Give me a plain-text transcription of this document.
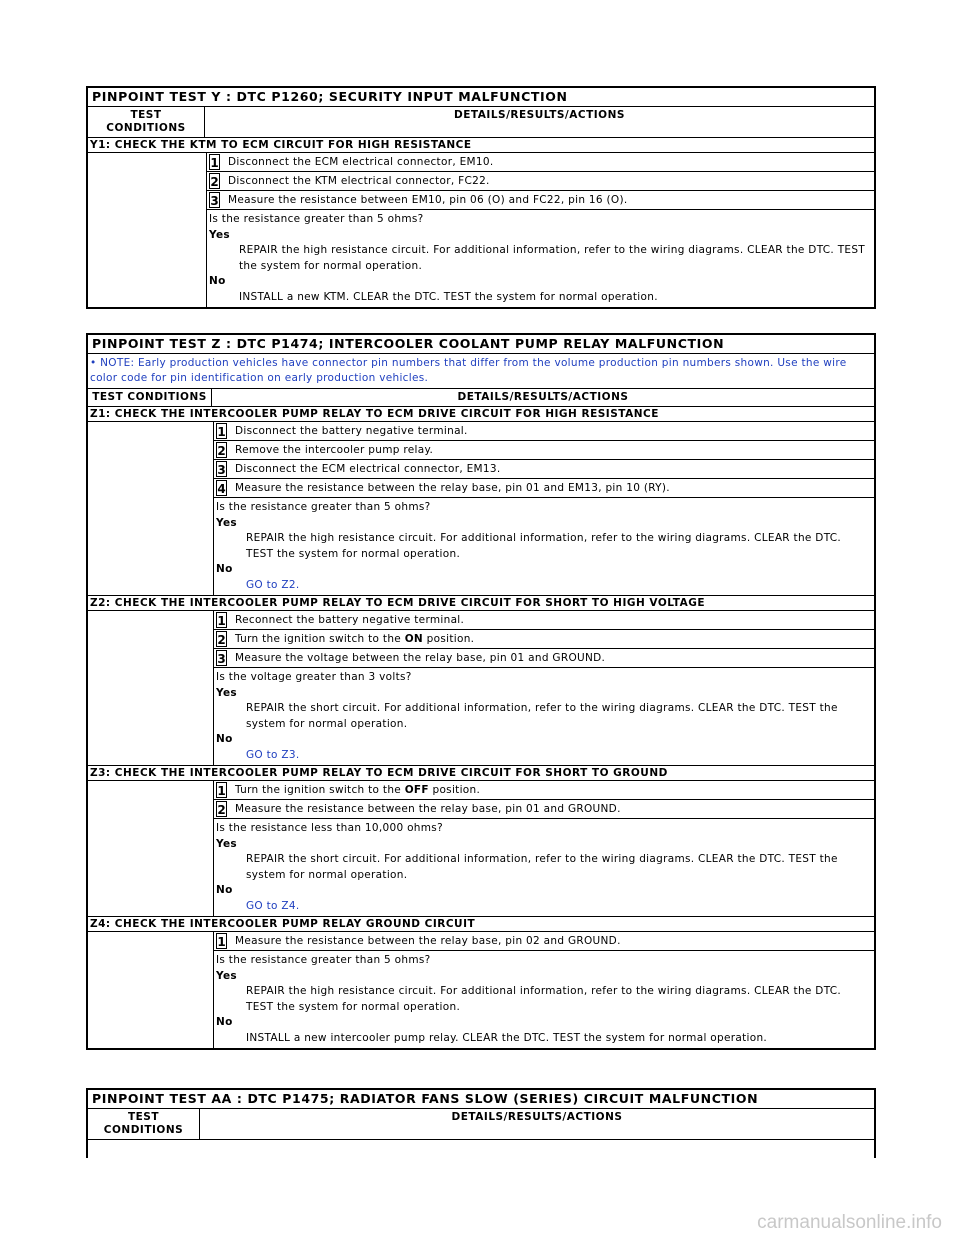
PINPOINT TEST Y : DTC P1260; SECURITY INPUT MALFUNCTION
TEST CONDITIONS
DETAILS/RESULTS/ACTIONS
Y1: CHECK THE KTM TO ECM CIRCUIT FOR HIGH RESISTANCE
1 Disconnect the ECM electrical connector, EM10.
2 Disconnect the KTM electrical connector, FC22.
3 Measure the resistance between EM10, pin 06 (O) and FC22, pin 16 (O).
Is the resistance greater than 5 ohms?
Yes
REPAIR the high resistance circuit. For additional information, refer to the wiring diagrams. CLEAR the DTC. TEST the system for normal operation.
No
INSTALL a new KTM. CLEAR the DTC. TEST the system for normal operation.
PINPOINT TEST Z : DTC P1474; INTERCOOLER COOLANT PUMP RELAY MALFUNCTION
• NOTE: Early production vehicles have connector pin numbers that differ from the volume production pin numbers shown. Use the wire color code for pin identification on early production vehicles.
TEST CONDITIONS	DETAILS/RESULTS/ACTIONS
Z1: CHECK THE INTERCOOLER PUMP RELAY TO ECM DRIVE CIRCUIT FOR HIGH RESISTANCE
1 Disconnect the battery negative terminal.
2 Remove the intercooler pump relay.
3 Disconnect the ECM electrical connector, EM13.
4 Measure the resistance between the relay base, pin 01 and EM13, pin 10 (RY).
Is the resistance greater than 5 ohms?
Yes
REPAIR the high resistance circuit. For additional information, refer to the wiring diagrams. CLEAR the DTC. TEST the system for normal operation.
No
GO to Z2.
Z2: CHECK THE INTERCOOLER PUMP RELAY TO ECM DRIVE CIRCUIT FOR SHORT TO HIGH VOLTAGE
1 Reconnect the battery negative terminal.
2 Turn the ignition switch to the ON position.
3 Measure the voltage between the relay base, pin 01 and GROUND.
Is the voltage greater than 3 volts?
Yes
REPAIR the short circuit. For additional information, refer to the wiring diagrams. CLEAR the DTC. TEST the system for normal operation.
No
GO to Z3.
Z3: CHECK THE INTERCOOLER PUMP RELAY TO ECM DRIVE CIRCUIT FOR SHORT TO GROUND
1 Turn the ignition switch to the OFF position.
2 Measure the resistance between the relay base, pin 01 and GROUND.
Is the resistance less than 10,000 ohms?
Yes
REPAIR the short circuit. For additional information, refer to the wiring diagrams. CLEAR the DTC. TEST the system for normal operation.
No
GO to Z4.
Z4: CHECK THE INTERCOOLER PUMP RELAY GROUND CIRCUIT
1 Measure the resistance between the relay base, pin 02 and GROUND.
Is the resistance greater than 5 ohms?
Yes
REPAIR the high resistance circuit. For additional information, refer to the wiring diagrams. CLEAR the DTC. TEST the system for normal operation.
No
INSTALL a new intercooler pump relay. CLEAR the DTC. TEST the system for normal operation.
PINPOINT TEST AA : DTC P1475; RADIATOR FANS SLOW (SERIES) CIRCUIT MALFUNCTION
TEST CONDITIONS
DETAILS/RESULTS/ACTIONS
carmanualsonline.info
